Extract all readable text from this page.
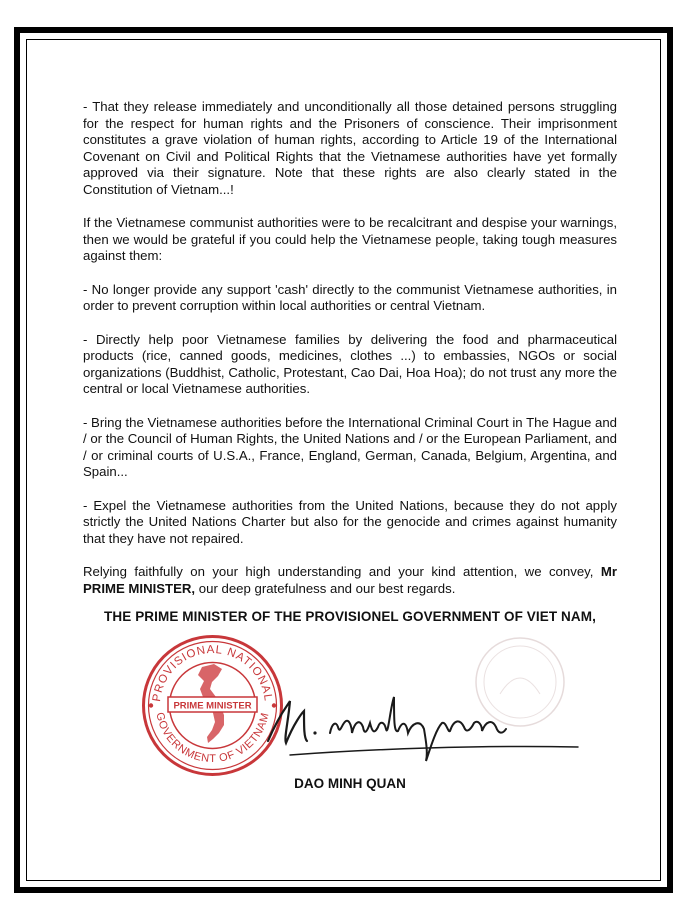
- That they release immediately and unconditionally all those detained persons struggling for the respect for human rights and the Prisoners of conscience. Their imprisonment constitutes a grave violation of human rights, according to Article 19 of the International Covenant on Civil and Political Rights that the Vietnamese authorities have yet formally approved via their signature. Note that these rights are also clearly stated in the Constitution of Vietnam...!

If the Vietnamese communist authorities were to be recalcitrant and despise your warnings, then we would be grateful if you could help the Vietnamese people, taking tough measures against them:

- No longer provide any support 'cash' directly to the communist Vietnamese authorities, in order to prevent corruption within local authorities or central Vietnam.

- Directly help poor Vietnamese families by delivering the food and pharmaceutical products (rice, canned goods, medicines, clothes ...) to embassies, NGOs or social organizations (Buddhist, Catholic, Protestant, Cao Dai, Hoa Hoa); do not trust any more the central or local Vietnamese authorities.

- Bring the Vietnamese authorities before the International Criminal Court in The Hague and / or the Council of Human Rights, the United Nations and / or the European Parliament, and / or criminal courts of U.S.A., France, England, German, Canada, Belgium, Argentina, and Spain...

- Expel the Vietnamese authorities from the United Nations, because they do not apply strictly the United Nations Charter but also for the genocide and crimes against humanity that they have not repaired.

Relying faithfully on your high understanding and your kind attention, we convey, Mr PRIME MINISTER, our deep gratefulness and our best regards.

THE PRIME MINISTER OF THE PROVISIONEL GOVERNMENT OF VIET NAM,
PROVISIONAL NATIONAL
GOVERNMENT OF VIETNAM
PRIME MINISTER
DAO MINH QUAN
